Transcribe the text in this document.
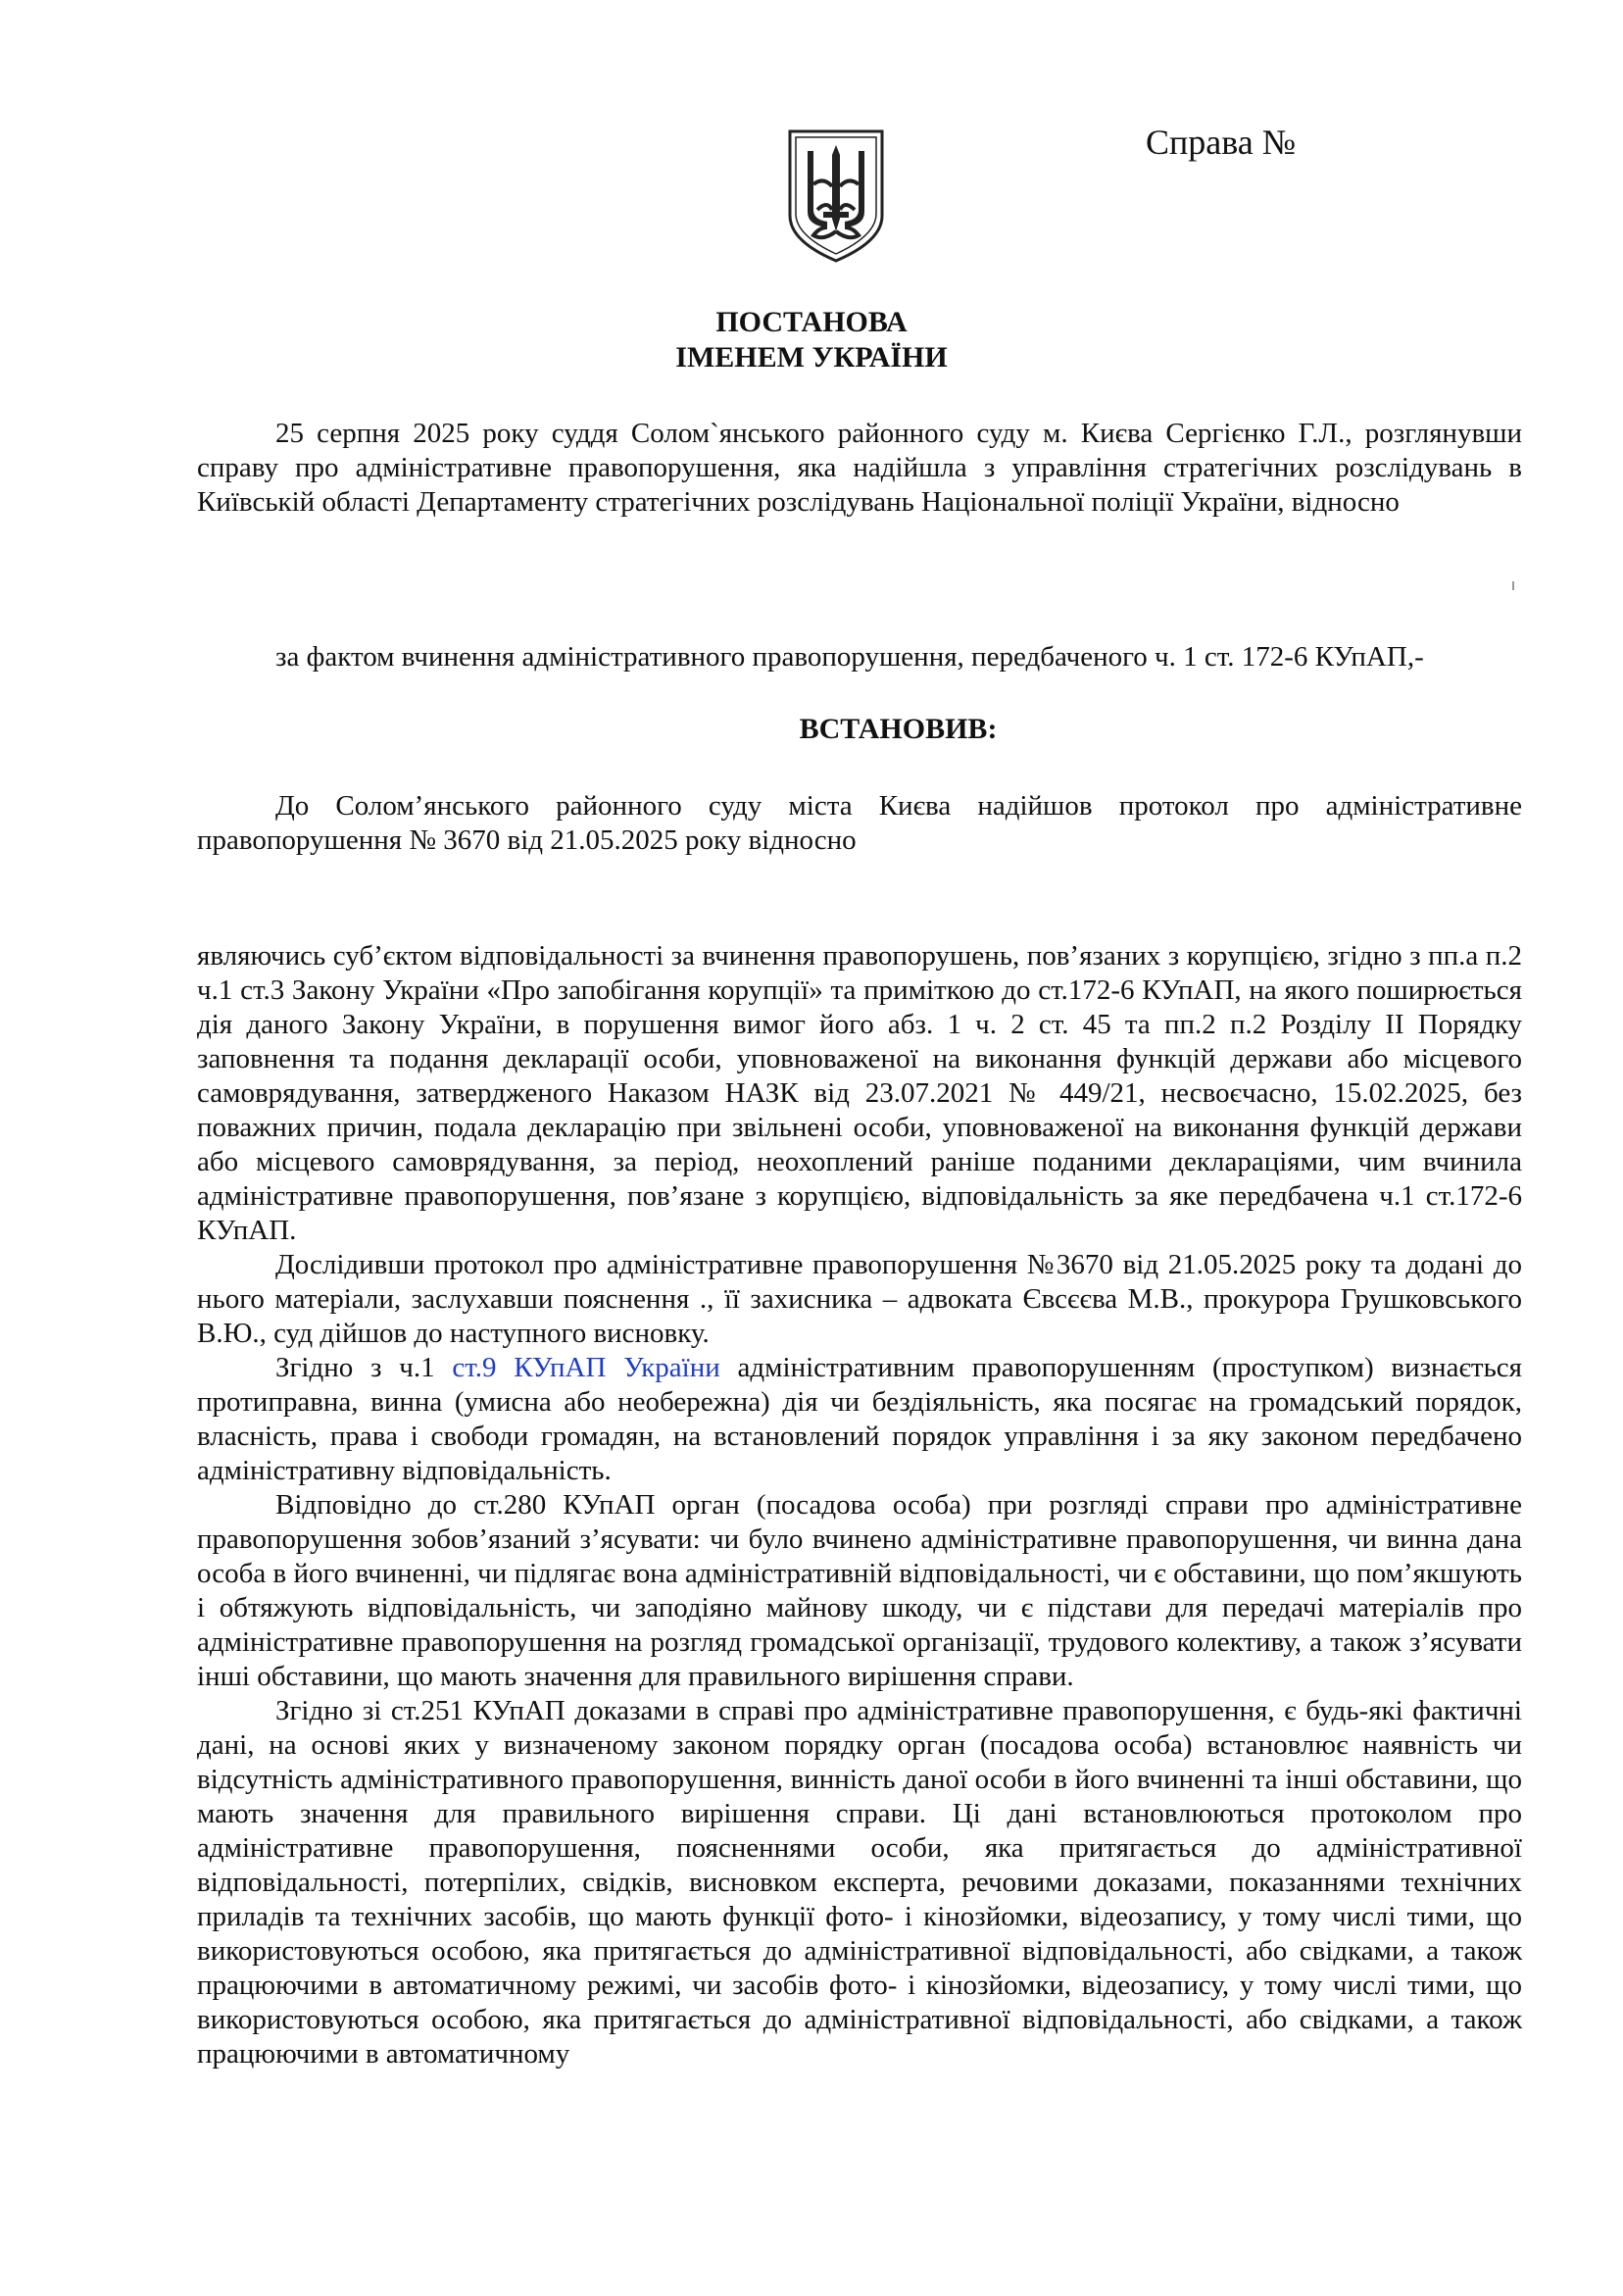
Справа №
ПОСТАНОВА
ІМЕНЕМ УКРАЇНИ

25 серпня 2025 року суддя Солом`янського районного суду м. Києва Сергієнко Г.Л., розглянувши справу про адміністративне правопорушення, яка надійшла з управління стратегічних розслідувань в Київській області Департаменту стратегічних розслідувань Національної поліції України, відносно

за фактом вчинення адміністративного правопорушення, передбаченого ч. 1 ст. 172-6 КУпАП,-

ВСТАНОВИВ:

До Солом’янського районного суду міста Києва надійшов протокол про адміністративне правопорушення № 3670 від 21.05.2025 року відносно

являючись суб’єктом відповідальності за вчинення правопорушень, пов’язаних з корупцією, згідно з пп.а п.2 ч.1 ст.3 Закону України «Про запобігання корупції» та приміткою до ст.172-6 КУпАП, на якого поширюється дія даного Закону України, в порушення вимог його абз. 1 ч. 2 ст. 45 та пп.2 п.2 Розділу ІІ Порядку заповнення та подання декларації особи, уповноваженої на виконання функцій держави або місцевого самоврядування, затвердженого Наказом НАЗК від 23.07.2021 № 449/21, несвоєчасно, 15.02.2025, без поважних причин, подала декларацію при звільнені особи, уповноваженої на виконання функцій держави або місцевого самоврядування, за період, неохоплений раніше поданими деклараціями, чим вчинила адміністративне правопорушення, пов’язане з корупцією, відповідальність за яке передбачена ч.1 ст.172-6 КУпАП.

Дослідивши протокол про адміністративне правопорушення №3670 від 21.05.2025 року та додані до нього матеріали, заслухавши пояснення ., її захисника – адвоката Євсєєва М.В., прокурора Грушковського В.Ю., суд дійшов до наступного висновку.

Згідно з ч.1 ст.9 КУпАП України адміністративним правопорушенням (проступком) визнається протиправна, винна (умисна або необережна) дія чи бездіяльність, яка посягає на громадський порядок, власність, права і свободи громадян, на встановлений порядок управління і за яку законом передбачено адміністративну відповідальність.

Відповідно до ст.280 КУпАП орган (посадова особа) при розгляді справи про адміністративне правопорушення зобов’язаний з’ясувати: чи було вчинено адміністративне правопорушення, чи винна дана особа в його вчиненні, чи підлягає вона адміністративній відповідальності, чи є обставини, що пом’якшують і обтяжують відповідальність, чи заподіяно майнову шкоду, чи є підстави для передачі матеріалів про адміністративне правопорушення на розгляд громадської організації, трудового колективу, а також з’ясувати інші обставини, що мають значення для правильного вирішення справи.

Згідно зі ст.251 КУпАП доказами в справі про адміністративне правопорушення, є будь-які фактичні дані, на основі яких у визначеному законом порядку орган (посадова особа) встановлює наявність чи відсутність адміністративного правопорушення, винність даної особи в його вчиненні та інші обставини, що мають значення для правильного вирішення справи. Ці дані встановлюються протоколом про адміністративне правопорушення, поясненнями особи, яка притягається до адміністративної відповідальності, потерпілих, свідків, висновком експерта, речовими доказами, показаннями технічних приладів та технічних засобів, що мають функції фото- і кінозйомки, відеозапису, у тому числі тими, що використовуються особою, яка притягається до адміністративної відповідальності, або свідками, а також працюючими в автоматичному режимі, чи засобів фото- і кінозйомки, відеозапису, у тому числі тими, що використовуються особою, яка притягається до адміністративної відповідальності, або свідками, а також працюючими в автоматичному
